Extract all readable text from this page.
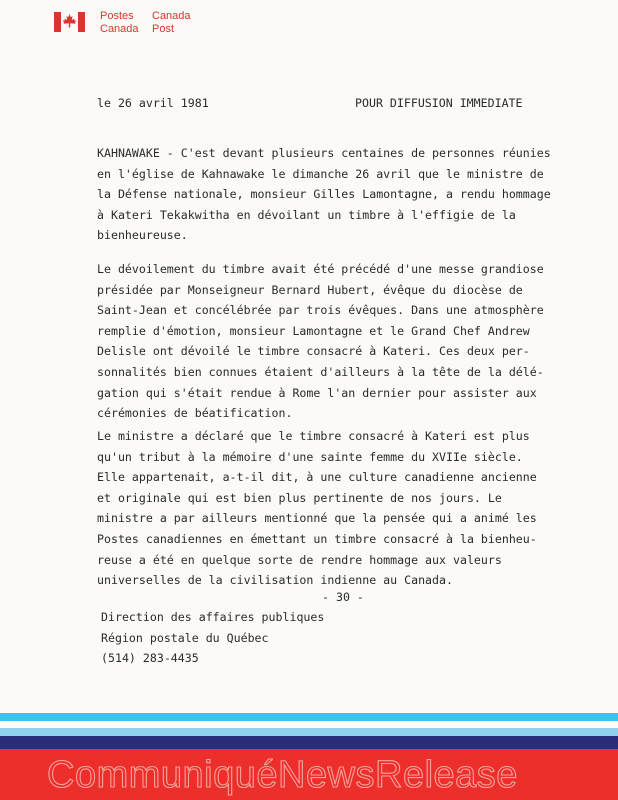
Postes
Canada
Canada
Post
le 26 avril 1981	POUR DIFFUSION IMMEDIATE
KAHNAWAKE - C'est devant plusieurs centaines de personnes réunies
en l'église de Kahnawake le dimanche 26 avril que le ministre de
la Défense nationale, monsieur Gilles Lamontagne, a rendu hommage
à Kateri Tekakwitha en dévoilant un timbre à l'effigie de la
bienheureuse.
Le dévoilement du timbre avait été précédé d'une messe grandiose
présidée par Monseigneur Bernard Hubert, évêque du diocèse de
Saint-Jean et concélébrée par trois évêques. Dans une atmosphère
remplie d'émotion, monsieur Lamontagne et le Grand Chef Andrew
Delisle ont dévoilé le timbre consacré à Kateri. Ces deux per-
sonnalités bien connues étaient d'ailleurs à la tête de la délé-
gation qui s'était rendue à Rome l'an dernier pour assister aux
cérémonies de béatification.
Le ministre a déclaré que le timbre consacré à Kateri est plus
qu'un tribut à la mémoire d'une sainte femme du XVIIe siècle.
Elle appartenait, a-t-il dit, à une culture canadienne ancienne
et originale qui est bien plus pertinente de nos jours. Le
ministre a par ailleurs mentionné que la pensée qui a animé les
Postes canadiennes en émettant un timbre consacré à la bienheu-
reuse a été en quelque sorte de rendre hommage aux valeurs
universelles de la civilisation indienne au Canada.
- 30 -
Direction des affaires publiques
Région postale du Québec
(514) 283-4435
CommuniquéNewsRelease
